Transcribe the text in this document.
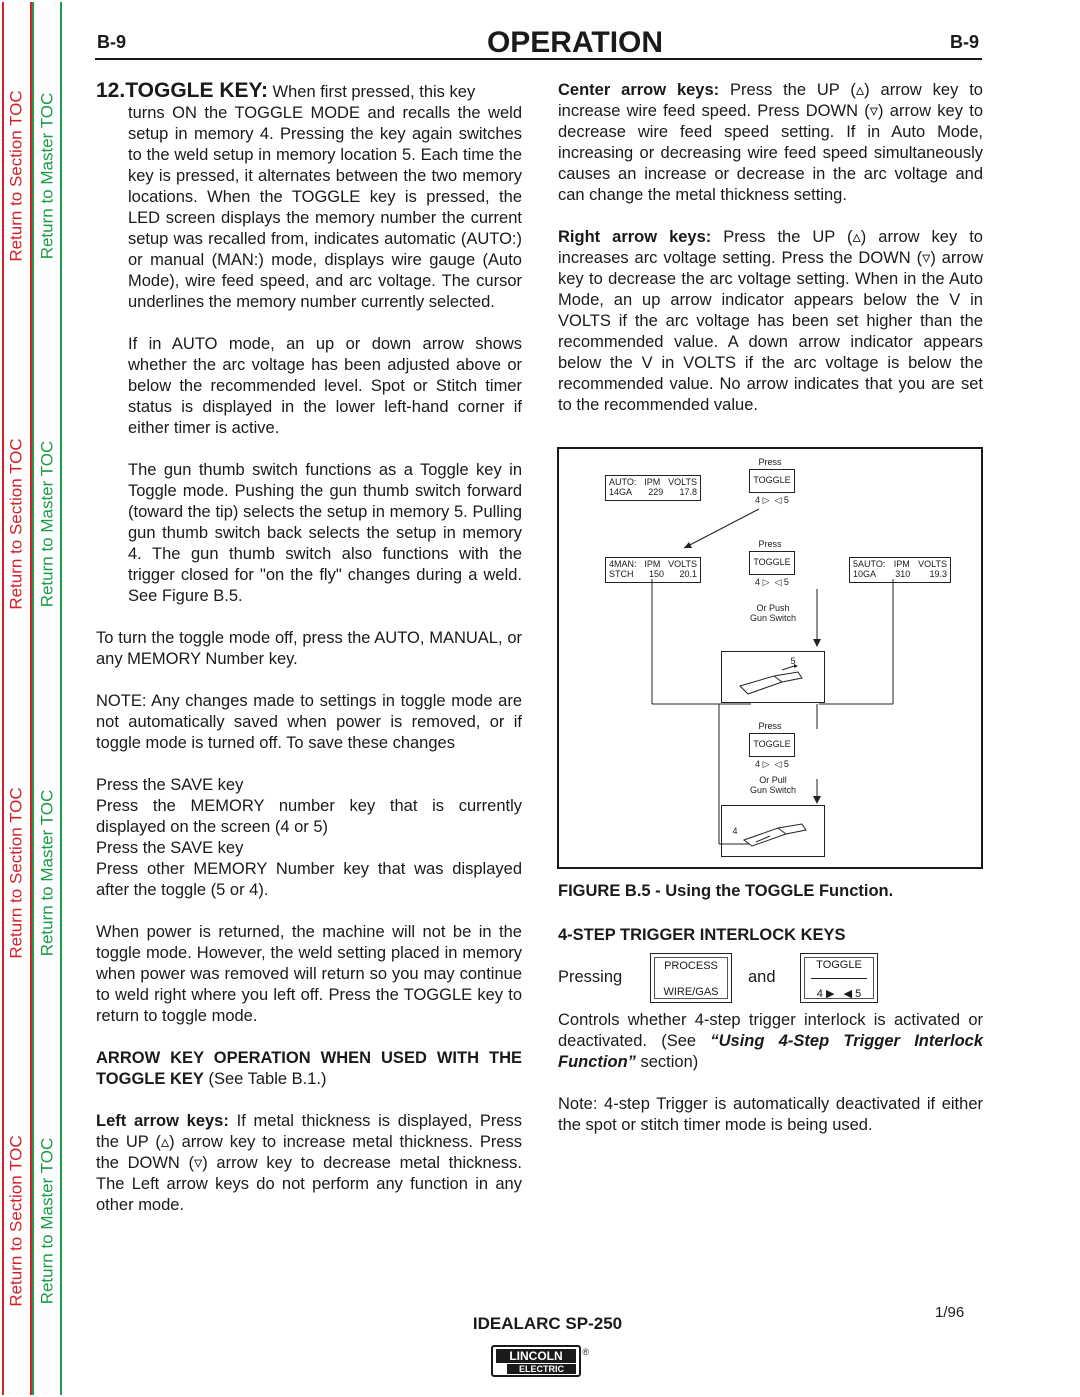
Return to Section TOC
Return to Section TOC
Return to Section TOC
Return to Section TOC
Return to Master TOC
Return to Master TOC
Return to Master TOC
Return to Master TOC
B-9	OPERATION	B-9

12.TOGGLE KEY: When first pressed, this key

turns ON the TOGGLE MODE and recalls the weld setup in memory 4. Pressing the key again switches to the weld setup in memory location 5. Each time the key is pressed, it alternates between the two memory locations. When the TOGGLE key is pressed, the LED screen displays the memory number the current setup was recalled from, indicates automatic (AUTO:) or manual (MAN:) mode, displays wire gauge (Auto Mode), wire feed speed, and arc voltage. The cursor underlines the memory number currently selected.

If in AUTO mode, an up or down arrow shows whether the arc voltage has been adjusted above or below the recommended level. Spot or Stitch timer status is displayed in the lower left-hand corner if either timer is active.

The gun thumb switch functions as a Toggle key in Toggle mode. Pushing the gun thumb switch forward (toward the tip) selects the setup in memory 5. Pulling gun thumb switch back selects the setup in memory 4. The gun thumb switch also functions with the trigger closed for "on the fly" changes during a weld. See Figure B.5.

To turn the toggle mode off, press the AUTO, MANUAL, or any MEMORY Number key.

NOTE: Any changes made to settings in toggle mode are not automatically saved when power is removed, or if toggle mode is turned off. To save these changes

Press the SAVE key

Press the MEMORY number key that is currently displayed on the screen (4 or 5)

Press the SAVE key

Press other MEMORY Number key that was displayed after the toggle (5 or 4).

When power is returned, the machine will not be in the toggle mode. However, the weld setting placed in memory when power was removed will return so you may continue to weld right where you left off. Press the TOGGLE key to return to toggle mode.

ARROW KEY OPERATION WHEN USED WITH THE TOGGLE KEY (See Table B.1.)

Left arrow keys: If metal thickness is displayed, Press the UP (▵) arrow key to increase metal thickness. Press the DOWN (▿) arrow key to decrease metal thickness. The Left arrow keys do not perform any function in any other mode.

Center arrow keys: Press the UP (▵) arrow key to increase wire feed speed. Press DOWN (▿) arrow key to decrease wire feed speed setting. If in Auto Mode, increasing or decreasing wire feed speed simultaneously causes an increase or decrease in the arc voltage and can change the metal thickness setting.

Right arrow keys: Press the UP (▵) arrow key to increases arc voltage setting. Press the DOWN (▿) arrow key to decrease the arc voltage setting. When in the Auto Mode, an up arrow indicator appears below the V in VOLTS if the arc voltage has been set higher than the recommended value. A down arrow indicator appears below the V in VOLTS if the arc voltage is below the recommended value. No arrow indicates that you are set to the recommended value.

Press
TOGGLE
4 ▷  ◁ 5
AUTO: IPM VOLTS
14GA 229 17.8
Press
TOGGLE
4 ▷  ◁ 5
4MAN: IPM VOLTS
STCH 150 20.1
5AUTO: IPM VOLTS
10GA 310 19.3
Or Push
Gun Switch
5
Press
TOGGLE
4 ▷  ◁ 5
Or Pull
Gun Switch
4
FIGURE B.5 - Using the TOGGLE Function.
4-STEP TRIGGER INTERLOCK KEYS
Pressing
PROCESS
WIRE/GAS
and
TOGGLE
4 ▶   ◀ 5

Controls whether 4-step trigger interlock is activated or deactivated. (See “Using 4-Step Trigger Interlock Function” section)

Note: 4-step Trigger is automatically deactivated if either the spot or stitch timer mode is being used.

1/96
IDEALARC SP-250
LINCOLN	®
ELECTRIC
